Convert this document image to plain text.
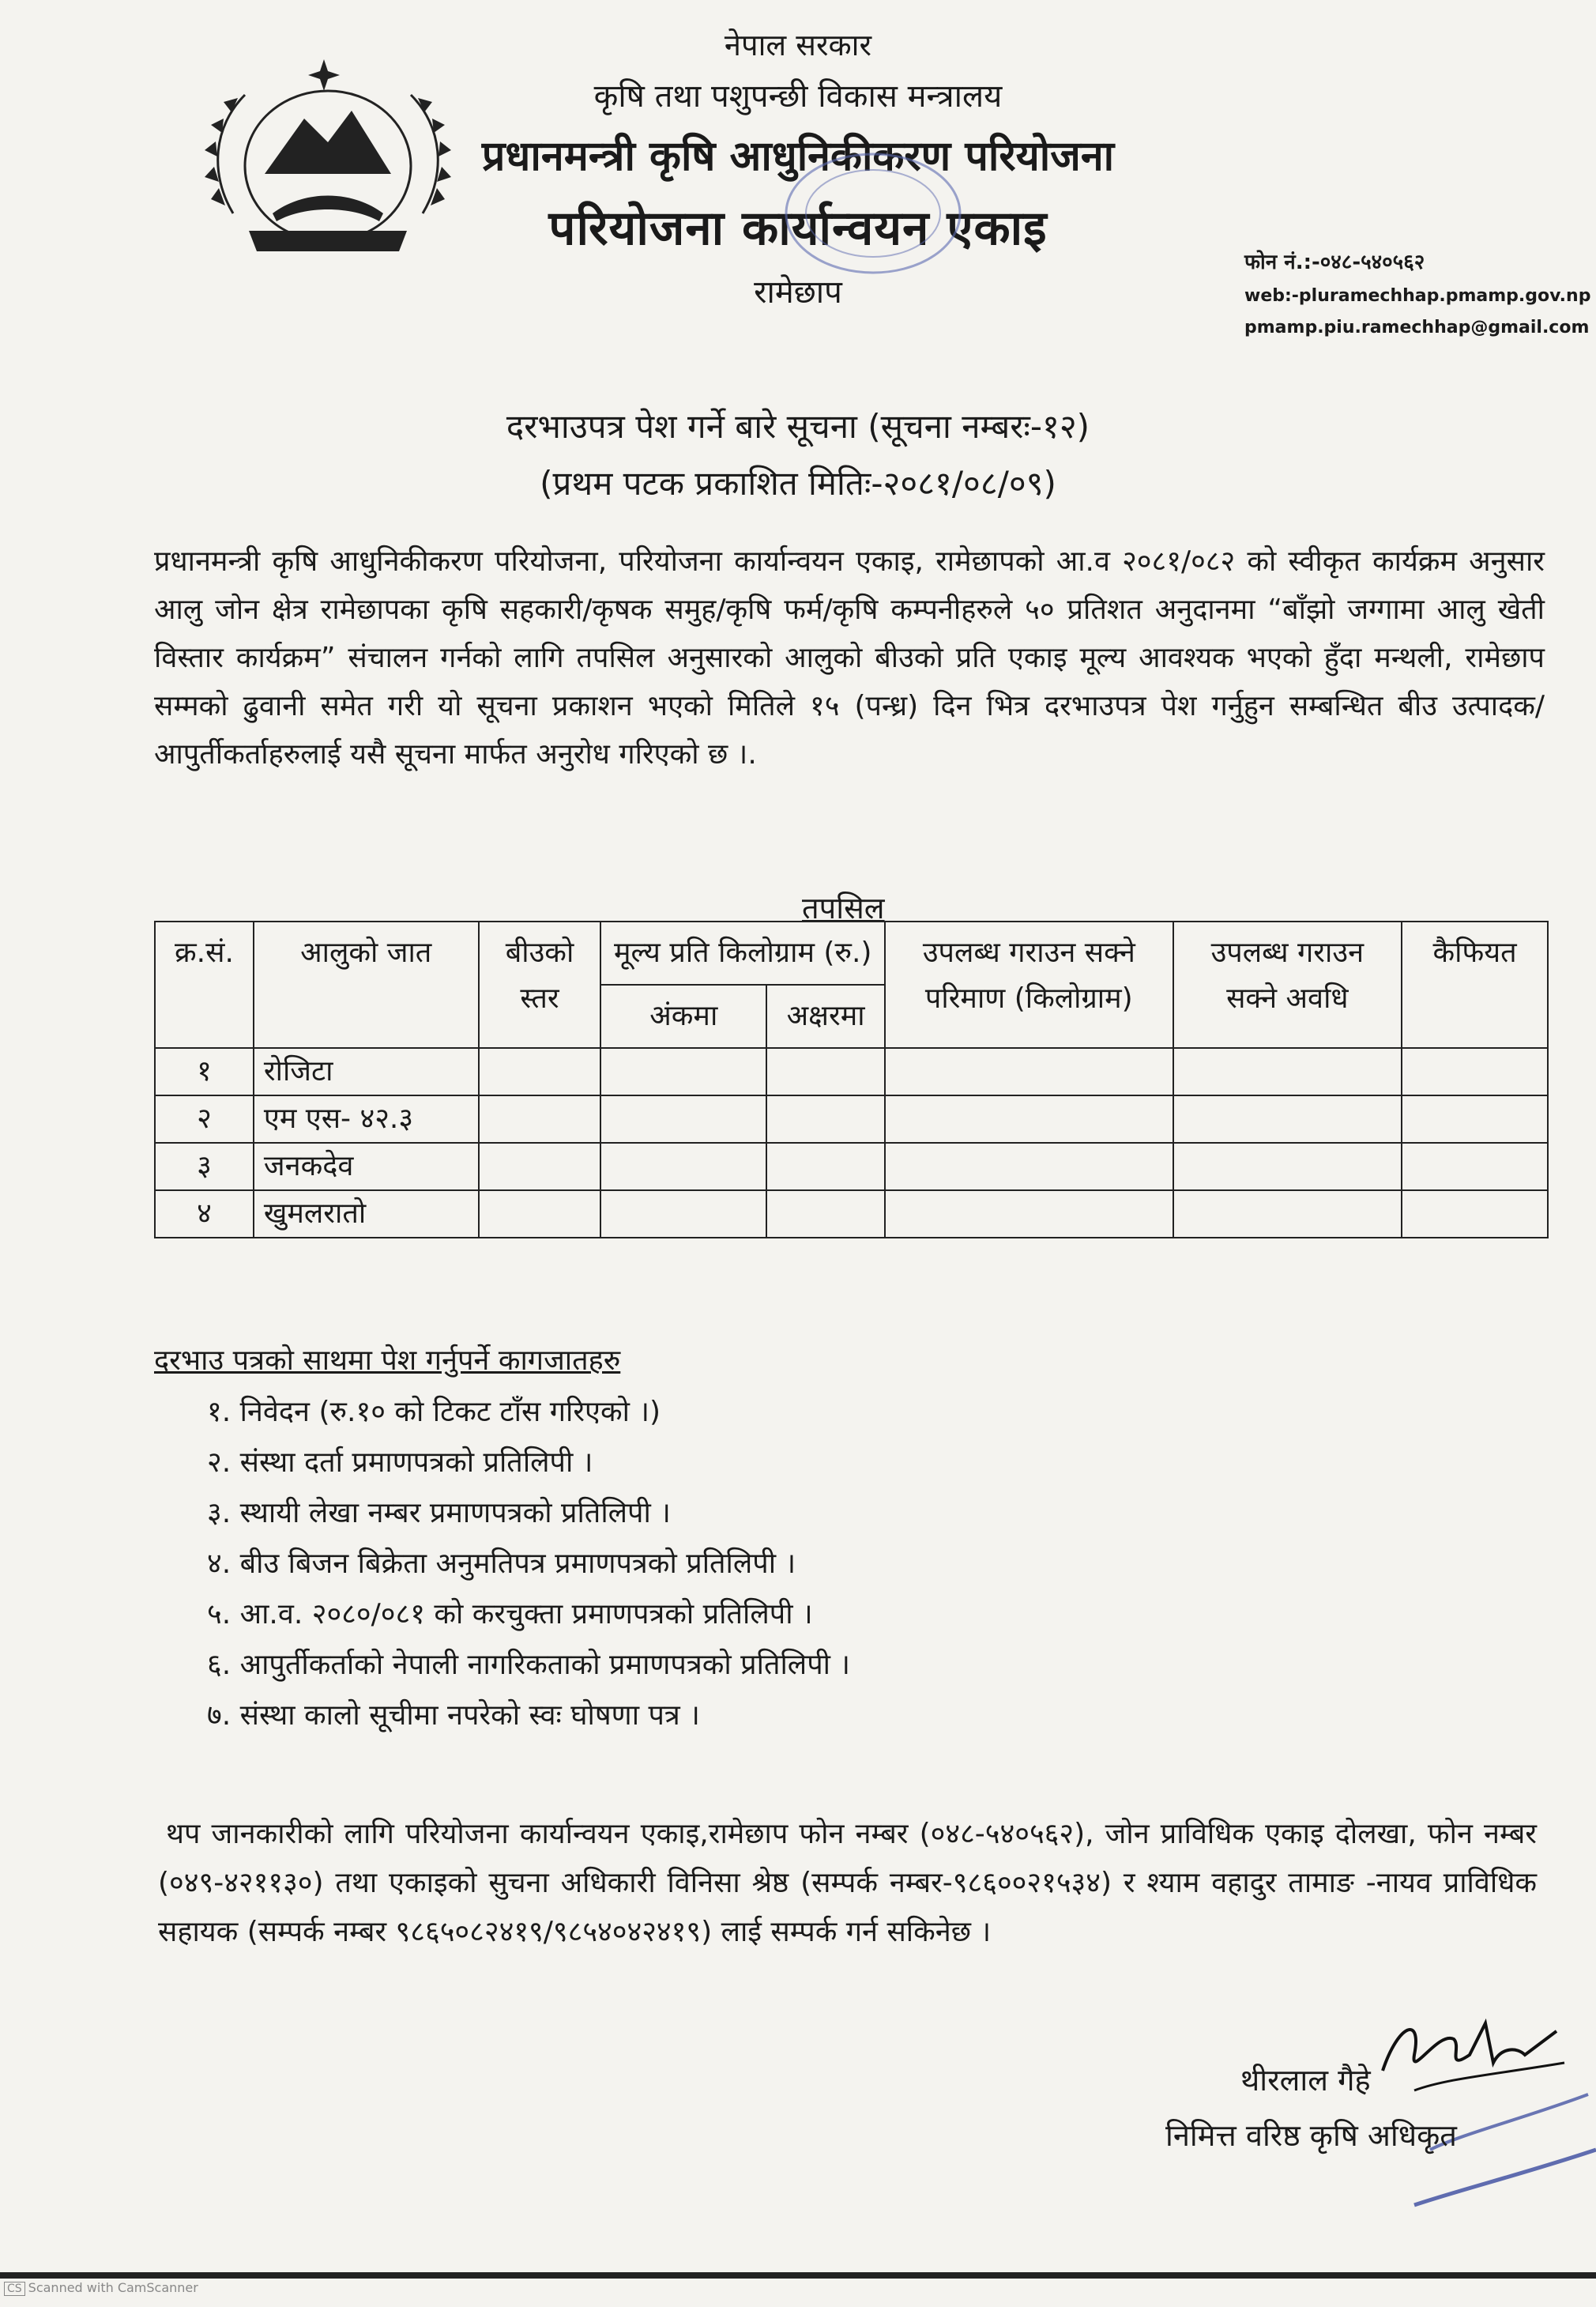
नेपाल सरकार
कृषि तथा पशुपन्छी विकास मन्त्रालय
प्रधानमन्त्री कृषि आधुनिकीकरण परियोजना
परियोजना कार्यान्वयन एकाइ
रामेछाप
फोन नं.:-०४८-५४०५६२
web:-pluramechhap.pmamp.gov.np
pmamp.piu.ramechhap@gmail.com
दरभाउपत्र पेश गर्ने बारे सूचना (सूचना नम्बरः-१२)
(प्रथम पटक प्रकाशित मितिः-२०८१/०८/०९)
प्रधानमन्त्री कृषि आधुनिकीकरण परियोजना, परियोजना कार्यान्वयन एकाइ, रामेछापको आ.व २०८१/०८२ को स्वीकृत कार्यक्रम अनुसार आलु जोन क्षेत्र रामेछापका कृषि सहकारी/कृषक समुह/कृषि फर्म/कृषि कम्पनीहरुले ५० प्रतिशत अनुदानमा “बाँझो जग्गामा आलु खेती विस्तार कार्यक्रम” संचालन गर्नको लागि तपसिल अनुसारको आलुको बीउको प्रति एकाइ मूल्य आवश्यक भएको हुँदा मन्थली, रामेछाप सम्मको ढुवानी समेत गरी यो सूचना प्रकाशन भएको मितिले १५ (पन्ध्र) दिन भित्र दरभाउपत्र पेश गर्नुहुन सम्बन्धित बीउ उत्पादक/आपुर्तीकर्ताहरुलाई यसै सूचना मार्फत अनुरोध गरिएको छ ।.
तपसिल
क्र.सं.	आलुको जात	बीउको स्तर	मूल्य प्रति किलोग्राम (रु.)		उपलब्ध गराउन सक्ने परिमाण (किलोग्राम)	उपलब्ध गराउन सक्ने अवधि	कैफियत
			अंकमा	अक्षरमा			
१	रोजिटा						
२	एम एस- ४२.३						
३	जनकदेव						
४	खुमलरातो						
दरभाउ पत्रको साथमा पेश गर्नुपर्ने कागजातहरु
१. निवेदन (रु.१० को टिकट टाँस गरिएको ।)
२. संस्था दर्ता प्रमाणपत्रको प्रतिलिपी ।
३. स्थायी लेखा नम्बर प्रमाणपत्रको प्रतिलिपी ।
४. बीउ बिजन बिक्रेता अनुमतिपत्र प्रमाणपत्रको प्रतिलिपी ।
५. आ.व. २०८०/०८१ को करचुक्ता प्रमाणपत्रको प्रतिलिपी ।
६. आपुर्तीकर्ताको नेपाली नागरिकताको प्रमाणपत्रको प्रतिलिपी ।
७. संस्था कालो सूचीमा नपरेको स्वः घोषणा पत्र ।
थप जानकारीको लागि परियोजना कार्यान्वयन एकाइ,रामेछाप फोन नम्बर (०४८-५४०५६२), जोन प्राविधिक एकाइ दोलखा, फोन नम्बर (०४९-४२११३०) तथा एकाइको सुचना अधिकारी विनिसा श्रेष्ठ (सम्पर्क नम्बर-९८६००२१५३४) र श्याम वहादुर तामाङ -नायव प्राविधिक सहायक (सम्पर्क नम्बर ९८६५०८२४१९/९८५४०४२४१९) लाई सम्पर्क गर्न सकिनेछ ।
थीरलाल गैहे
निमित्त वरिष्ठ कृषि अधिकृत
CS Scanned with CamScanner
